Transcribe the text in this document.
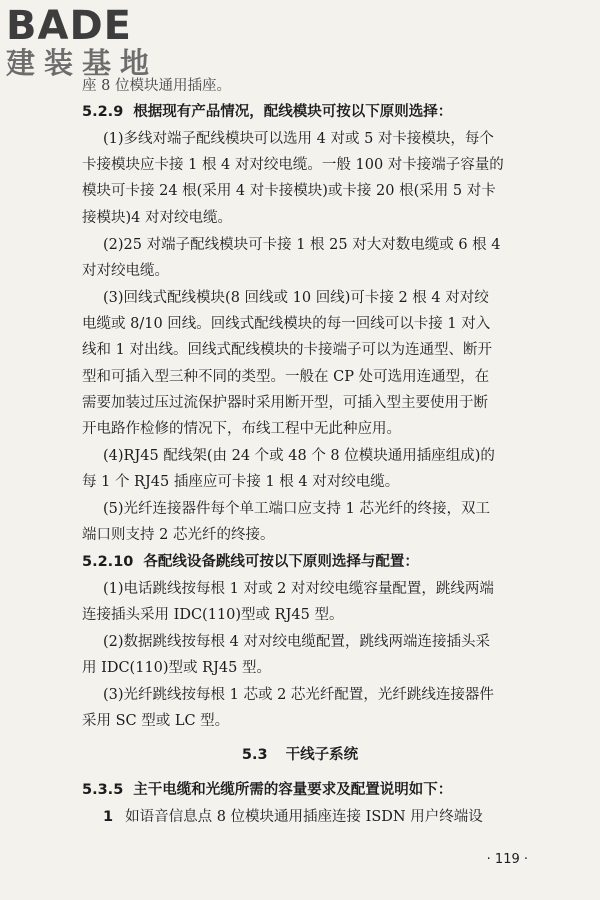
BADE
建装基地
座 8 位模块通用插座。
5.2.9 根据现有产品情况，配线模块可按以下原则选择：
(1)多线对端子配线模块可以选用 4 对或 5 对卡接模块，每个
卡接模块应卡接 1 根 4 对对绞电缆。一般 100 对卡接端子容量的
模块可卡接 24 根(采用 4 对卡接模块)或卡接 20 根(采用 5 对卡
接模块)4 对对绞电缆。
(2)25 对端子配线模块可卡接 1 根 25 对大对数电缆或 6 根 4
对对绞电缆。
(3)回线式配线模块(8 回线或 10 回线)可卡接 2 根 4 对对绞
电缆或 8/10 回线。回线式配线模块的每一回线可以卡接 1 对入
线和 1 对出线。回线式配线模块的卡接端子可以为连通型、断开
型和可插入型三种不同的类型。一般在 CP 处可选用连通型，在
需要加装过压过流保护器时采用断开型，可插入型主要使用于断
开电路作检修的情况下，布线工程中无此种应用。
(4)RJ45 配线架(由 24 个或 48 个 8 位模块通用插座组成)的
每 1 个 RJ45 插座应可卡接 1 根 4 对对绞电缆。
(5)光纤连接器件每个单工端口应支持 1 芯光纤的终接，双工
端口则支持 2 芯光纤的终接。
5.2.10 各配线设备跳线可按以下原则选择与配置：
(1)电话跳线按每根 1 对或 2 对对绞电缆容量配置，跳线两端
连接插头采用 IDC(110)型或 RJ45 型。
(2)数据跳线按每根 4 对对绞电缆配置，跳线两端连接插头采
用 IDC(110)型或 RJ45 型。
(3)光纤跳线按每根 1 芯或 2 芯光纤配置，光纤跳线连接器件
采用 SC 型或 LC 型。
5.3 干线子系统
5.3.5 主干电缆和光缆所需的容量要求及配置说明如下：
1 如语音信息点 8 位模块通用插座连接 ISDN 用户终端设
· 119 ·
